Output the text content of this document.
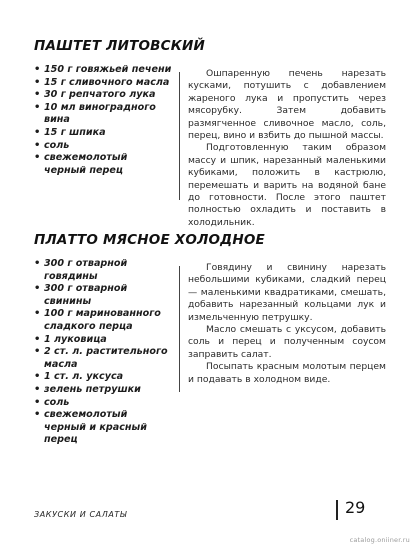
ПАШТЕТ ЛИТОВСКИЙ
• 150 г говяжьей печени
• 15 г сливочного масла
• 30 г репчатого лука
• 10 мл виноградного вина
• 15 г шпика
• соль
• свежемолотый черный перец

Ошпаренную печень нарезать кусками, потушить с добавлением жареного лука и пропустить через мясорубку. Затем добавить размягченное сливочное масло, соль, перец, вино и взбить до пышной массы.

Подготовленную таким образом массу и шпик, нарезанный маленькими кубиками, положить в кастрюлю, перемешать и варить на водяной бане до готовности. После этого паштет полностью охладить и поставить в холодильник.

ПЛАТТО МЯСНОЕ ХОЛОДНОЕ
• 300 г отварной говядины
• 300 г отварной свинины
• 100 г маринованного сладкого перца
• 1 луковица
• 2 ст. л. растительного масла
• 1 ст. л. уксуса
• зелень петрушки
• соль
• свежемолотый черный и красный перец

Говядину и свинину нарезать небольшими кубиками, сладкий перец — маленькими квадратиками, смешать, добавить нарезанный кольцами лук и измельченную петрушку.

Масло смешать с уксусом, добавить соль и перец и полученным соусом заправить салат.

Посыпать красным молотым перцем и подавать в холодном виде.

ЗАКУСКИ И САЛАТЫ	29
сatalog.oniiner.ru
